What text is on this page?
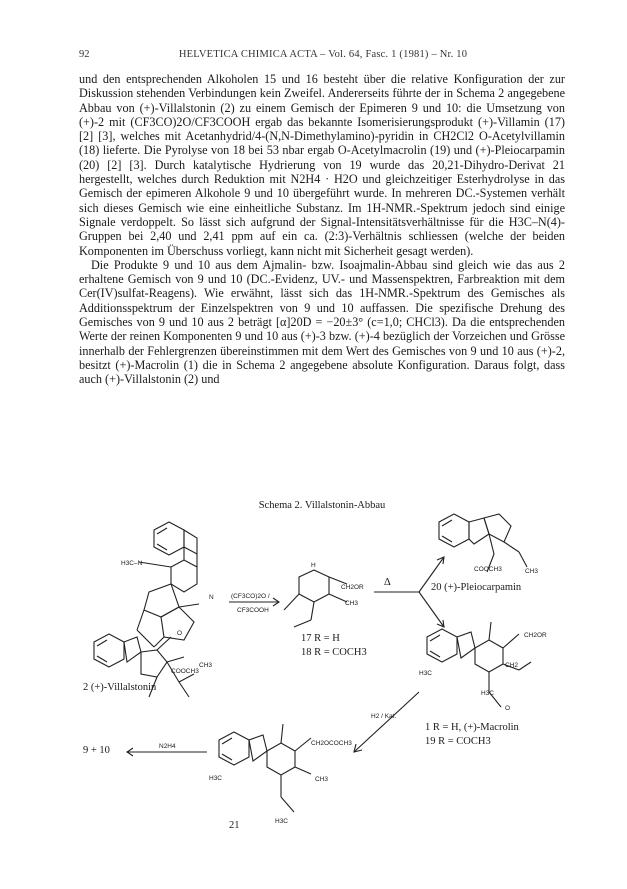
92	HELVETICA CHIMICA ACTA – Vol. 64, Fasc. 1 (1981) – Nr. 10

und den entsprechenden Alkoholen 15 und 16 besteht über die relative Konfiguration der zur Diskussion stehenden Verbindungen kein Zweifel. Andererseits führte der in Schema 2 angegebene Abbau von (+)-Villalstonin (2) zu einem Gemisch der Epimeren 9 und 10: die Umsetzung von (+)-2 mit (CF3CO)2O/CF3COOH ergab das bekannte Isomerisierungsprodukt (+)-Villamin (17) [2] [3], welches mit Acetanhydrid/4-(N,N-Dimethylamino)-pyridin in CH2Cl2 O-Acetylvillamin (18) lieferte. Die Pyrolyse von 18 bei 53 nbar ergab O-Acetylmacrolin (19) und (+)-Pleiocarpamin (20) [2] [3]. Durch katalytische Hydrierung von 19 wurde das 20,21-Dihydro-Derivat 21 hergestellt, welches durch Reduktion mit N2H4 · H2O und gleichzeitiger Esterhydrolyse in das Gemisch der epimeren Alkohole 9 und 10 übergeführt wurde. In mehreren DC.-Systemen verhält sich dieses Gemisch wie eine einheitliche Substanz. Im 1H-NMR.-Spektrum jedoch sind einige Signale verdoppelt. So lässt sich aufgrund der Signal-Intensitätsverhältnisse für die H3C–N(4)-Gruppen bei 2,40 und 2,41 ppm auf ein ca. (2:3)-Verhältnis schliessen (welche der beiden Komponenten im Überschuss vorliegt, kann nicht mit Sicherheit gesagt werden).

Die Produkte 9 und 10 aus dem Ajmalin- bzw. Isoajmalin-Abbau sind gleich wie das aus 2 erhaltene Gemisch von 9 und 10 (DC.-Evidenz, UV.- und Massenspektren, Farbreaktion mit dem Cer(IV)sulfat-Reagens). Wie erwähnt, lässt sich das 1H-NMR.-Spektrum des Gemisches als Additionsspektrum der Einzelspektren von 9 und 10 auffassen. Die spezifische Drehung des Gemisches von 9 und 10 aus 2 beträgt [α]20D = −20±3° (c=1,0; CHCl3). Da die entsprechenden Werte der reinen Komponenten 9 und 10 aus (+)-3 bzw. (+)-4 bezüglich der Vorzeichen und Grösse innerhalb der Fehlergrenzen übereinstimmen mit dem Wert des Gemisches von 9 und 10 aus (+)-2, besitzt (+)-Macrolin (1) die in Schema 2 angegebene absolute Konfiguration. Daraus folgt, dass auch (+)-Villalstonin (2) und

Schema 2. Villalstonin-Abbau
2 (+)-Villalstonin
H3C–N
COOCH3
CH3
N
O
(CF3CO)2O /
CF3COOH
CH2OR
CH3
H
17 R = H
18 R = COCH3
Δ
COOCH3	CH3
20 (+)-Pleiocarpamin
CH2OR
CH2
H3C
H3C
O
1 R = H, (+)-Macrolin
19 R = COCH3
H2 / Kat.
CH2OCOCH3
CH3
H3C
H3C
21
N2H4
9 + 10
